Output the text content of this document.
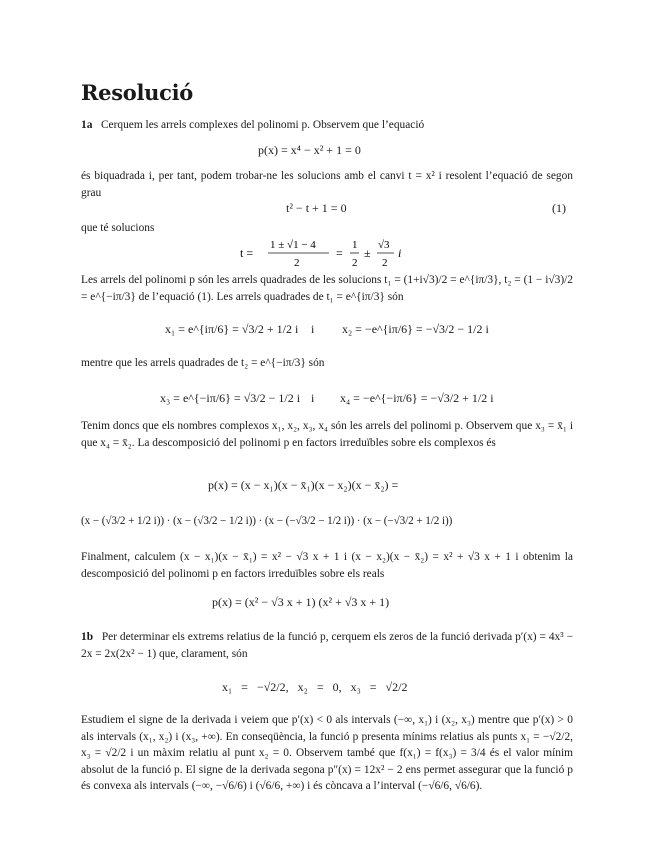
Resolució
1a Cerquem les arrels complexes del polinomi p. Observem que l’equació
p(x) = x⁴ − x² + 1 = 0
és biquadrada i, per tant, podem trobar-ne les solucions amb el canvi t = x² i resolent l’equació de segon grau
t² − t + 1 = 0	(1)
que té solucions
t =
1 ± √1 − 4
2
=
1
2
±
√3
2
i
Les arrels del polinomi p són les arrels quadrades de les solucions t₁ = (1+i√3)/2 = e^{iπ/3}, t₂ = (1 − i√3)/2 = e^{−iπ/3} de l’equació (1). Les arrels quadrades de t₁ = e^{iπ/3} són
x₁ = e^{iπ/6} = √3/2 + 1/2 i i x₂ = −e^{iπ/6} = −√3/2 − 1/2 i
mentre que les arrels quadrades de t₂ = e^{−iπ/3} són
x₃ = e^{−iπ/6} = √3/2 − 1/2 i i x₄ = −e^{−iπ/6} = −√3/2 + 1/2 i
Tenim doncs que els nombres complexos x₁, x₂, x₃, x₄ són les arrels del polinomi p. Observem que x₃ = x̄₁ i que x₄ = x̄₂. La descomposició del polinomi p en factors irreduïbles sobre els complexos és
p(x) = (x − x₁)(x − x̄₁)(x − x₂)(x − x̄₂) =
(x − (√3/2 + 1/2 i)) · (x − (√3/2 − 1/2 i)) · (x − (−√3/2 − 1/2 i)) · (x − (−√3/2 + 1/2 i))
Finalment, calculem (x − x₁)(x − x̄₁) = x² − √3 x + 1 i (x − x₂)(x − x̄₂) = x² + √3 x + 1 i obtenim la descomposició del polinomi p en factors irreduïbles sobre els reals
p(x) = (x² − √3 x + 1) (x² + √3 x + 1)
1b Per determinar els extrems relatius de la funció p, cerquem els zeros de la funció derivada p′(x) = 4x³ − 2x = 2x(2x² − 1) que, clarament, són
x₁ = −√2/2, x₂ = 0, x₃ = √2/2
Estudiem el signe de la derivada i veiem que p′(x) < 0 als intervals (−∞, x₁) i (x₂, x₃) mentre que p′(x) > 0 als intervals (x₁, x₂) i (x₃, +∞). En conseqüència, la funció p presenta mínims relatius als punts x₁ = −√2/2, x₃ = √2/2 i un màxim relatiu al punt x₂ = 0. Observem també que f(x₁) = f(x₃) = 3/4 és el valor mínim absolut de la funció p. El signe de la derivada segona p″(x) = 12x² − 2 ens permet assegurar que la funció p és convexa als intervals (−∞, −√6/6) i (√6/6, +∞) i és còncava a l’interval (−√6/6, √6/6).
